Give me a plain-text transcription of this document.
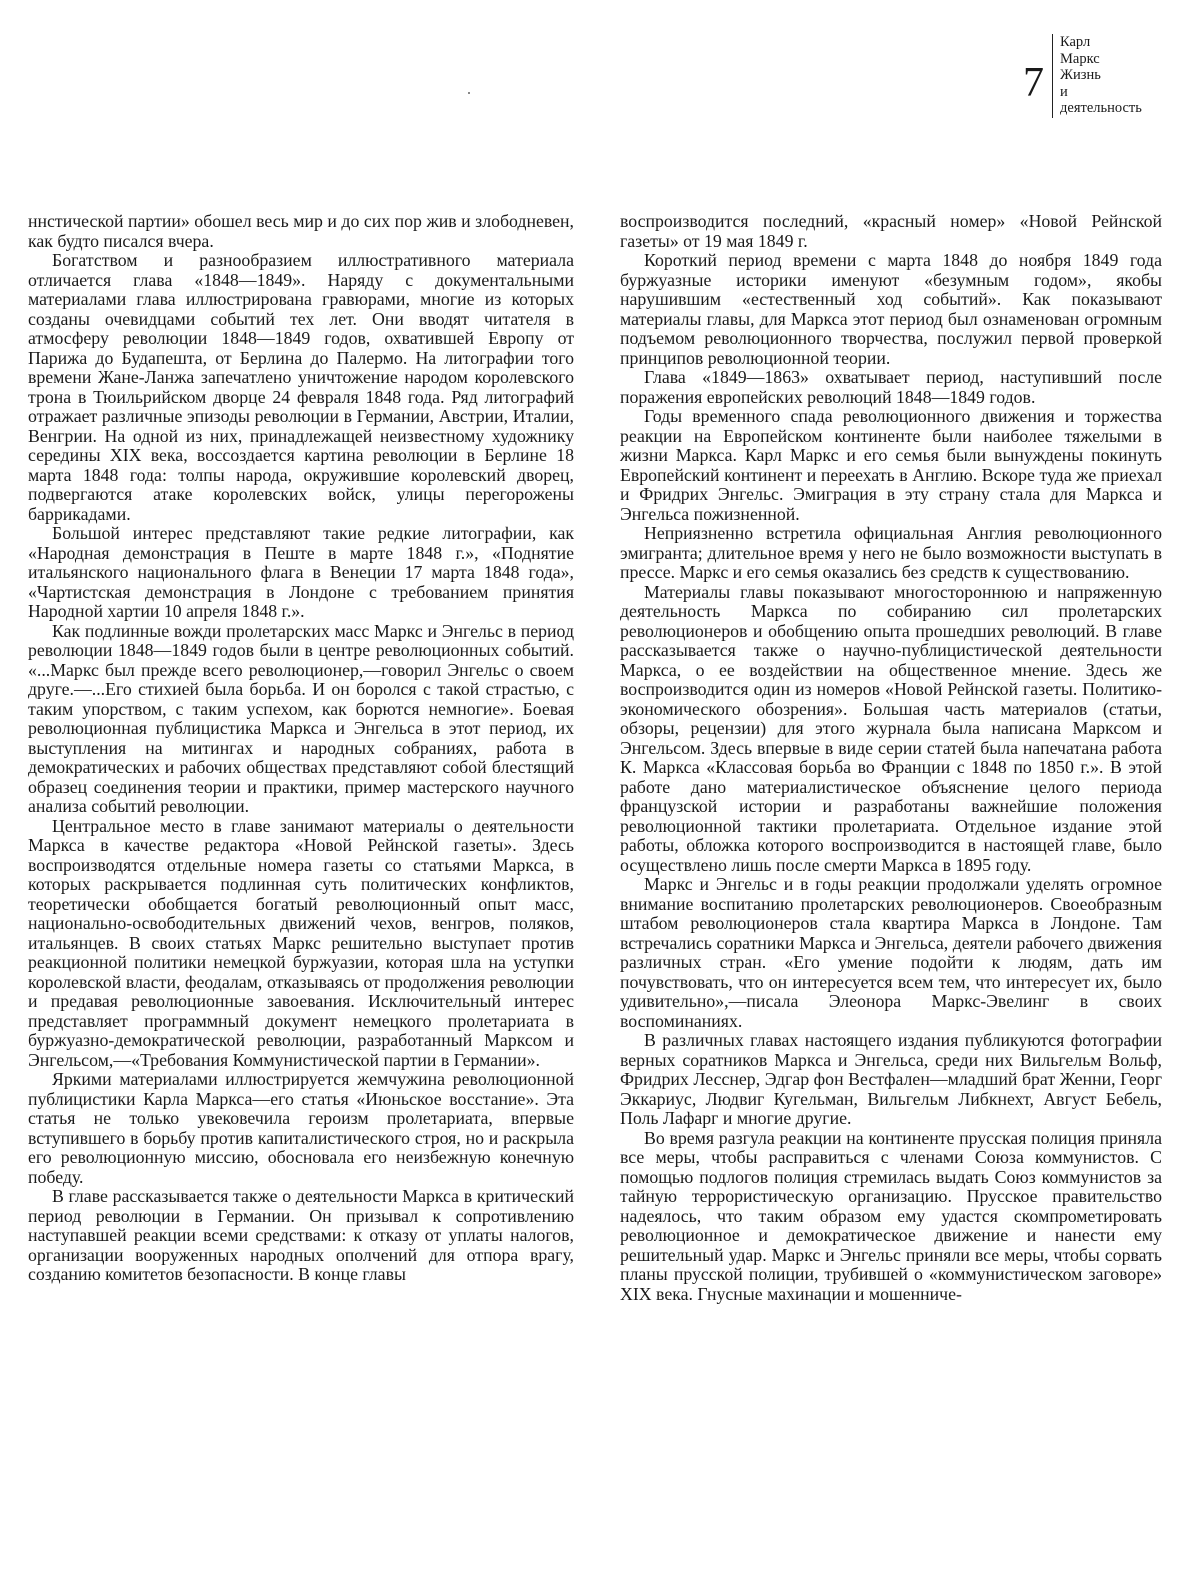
7
Карл
Маркс
Жизнь
и
деятельность

ннстической партии» обошел весь мир и до сих пор жив и злободневен, как будто писался вчера.

Богатством и разнообразием иллюстративного материала отличается глава «1848—1849». Наряду с документальными материалами глава иллюстрирована гравюрами, многие из которых созданы очевидцами событий тех лет. Они вводят читателя в атмосферу революции 1848—1849 годов, охватившей Европу от Парижа до Будапешта, от Берлина до Палермо. На литографии того времени Жане-Ланжа запечатлено уничтожение народом королевского трона в Тюильрийском дворце 24 февраля 1848 года. Ряд литографий отражает различные эпизоды революции в Германии, Австрии, Италии, Венгрии. На одной из них, принадлежащей неизвестному художнику середины XIX века, воссоздается картина революции в Берлине 18 марта 1848 года: толпы народа, окружившие королевский дворец, подвергаются атаке королевских войск, улицы перегорожены баррикадами.

Большой интерес представляют такие редкие литографии, как «Народная демонстрация в Пеште в марте 1848 г.», «Поднятие итальянского национального флага в Венеции 17 марта 1848 года», «Чартистская демонстрация в Лондоне с требованием принятия Народной хартии 10 апреля 1848 г.».

Как подлинные вожди пролетарских масс Маркс и Энгельс в период революции 1848—1849 годов были в центре революционных событий. «...Маркс был прежде всего революционер,—говорил Энгельс о своем друге.—...Его стихией была борьба. И он боролся с такой страстью, с таким упорством, с таким успехом, как борются немногие». Боевая революционная публицистика Маркса и Энгельса в этот период, их выступления на митингах и народных собраниях, работа в демократических и рабочих обществах представляют собой блестящий образец соединения теории и практики, пример мастерского научного анализа событий революции.

Центральное место в главе занимают материалы о деятельности Маркса в качестве редактора «Новой Рейнской газеты». Здесь воспроизводятся отдельные номера газеты со статьями Маркса, в которых раскрывается подлинная суть политических конфликтов, теоретически обобщается богатый революционный опыт масс, национально-освободительных движений чехов, венгров, поляков, итальянцев. В своих статьях Маркс решительно выступает против реакционной политики немецкой буржуазии, которая шла на уступки королевской власти, феодалам, отказываясь от продолжения революции и предавая революционные завоевания. Исключительный интерес представляет программный документ немецкого пролетариата в буржуазно-демократической революции, разработанный Марксом и Энгельсом,—«Требования Коммунистической партии в Германии».

Яркими материалами иллюстрируется жемчужина революционной публицистики Карла Маркса—его статья «Июньское восстание». Эта статья не только увековечила героизм пролетариата, впервые вступившего в борьбу против капиталистического строя, но и раскрыла его революционную миссию, обосновала его неизбежную конечную победу.

В главе рассказывается также о деятельности Маркса в критический период революции в Германии. Он призывал к сопротивлению наступавшей реакции всеми средствами: к отказу от уплаты налогов, организации вооруженных народных ополчений для отпора врагу, созданию комитетов безопасности. В конце главы

воспроизводится последний, «красный номер» «Новой Рейнской газеты» от 19 мая 1849 г.

Короткий период времени с марта 1848 до ноября 1849 года буржуазные историки именуют «безумным годом», якобы нарушившим «естественный ход событий». Как показывают материалы главы, для Маркса этот период был ознаменован огромным подъемом революционного творчества, послужил первой проверкой принципов революционной теории.

Глава «1849—1863» охватывает период, наступивший после поражения европейских революций 1848—1849 годов.

Годы временного спада революционного движения и торжества реакции на Европейском континенте были наиболее тяжелыми в жизни Маркса. Карл Маркс и его семья были вынуждены покинуть Европейский континент и переехать в Англию. Вскоре туда же приехал и Фридрих Энгельс. Эмиграция в эту страну стала для Маркса и Энгельса пожизненной.

Неприязненно встретила официальная Англия революционного эмигранта; длительное время у него не было возможности выступать в прессе. Маркс и его семья оказались без средств к существованию.

Материалы главы показывают многостороннюю и напряженную деятельность Маркса по собиранию сил пролетарских революционеров и обобщению опыта прошедших революций. В главе рассказывается также о научно-публицистической деятельности Маркса, о ее воздействии на общественное мнение. Здесь же воспроизводится один из номеров «Новой Рейнской газеты. Политико-экономического обозрения». Большая часть материалов (статьи, обзоры, рецензии) для этого журнала была написана Марксом и Энгельсом. Здесь впервые в виде серии статей была напечатана работа К. Маркса «Классовая борьба во Франции с 1848 по 1850 г.». В этой работе дано материалистическое объяснение целого периода французской истории и разработаны важнейшие положения революционной тактики пролетариата. Отдельное издание этой работы, обложка которого воспроизводится в настоящей главе, было осуществлено лишь после смерти Маркса в 1895 году.

Маркс и Энгельс и в годы реакции продолжали уделять огромное внимание воспитанию пролетарских революционеров. Своеобразным штабом революционеров стала квартира Маркса в Лондоне. Там встречались соратники Маркса и Энгельса, деятели рабочего движения различных стран. «Его умение подойти к людям, дать им почувствовать, что он интересуется всем тем, что интересует их, было удивительно»,—писала Элеонора Маркс-Эвелинг в своих воспоминаниях.

В различных главах настоящего издания публикуются фотографии верных соратников Маркса и Энгельса, среди них Вильгельм Вольф, Фридрих Лесснер, Эдгар фон Вестфален—младший брат Женни, Георг Эккариус, Людвиг Кугельман, Вильгельм Либкнехт, Август Бебель, Поль Лафарг и многие другие.

Во время разгула реакции на континенте прусская полиция приняла все меры, чтобы расправиться с членами Союза коммунистов. С помощью подлогов полиция стремилась выдать Союз коммунистов за тайную террористическую организацию. Прусское правительство надеялось, что таким образом ему удастся скомпрометировать революционное и демократическое движение и нанести ему решительный удар. Маркс и Энгельс приняли все меры, чтобы сорвать планы прусской полиции, трубившей о «коммунистическом заговоре» XIX века. Гнусные махинации и мошенниче-
